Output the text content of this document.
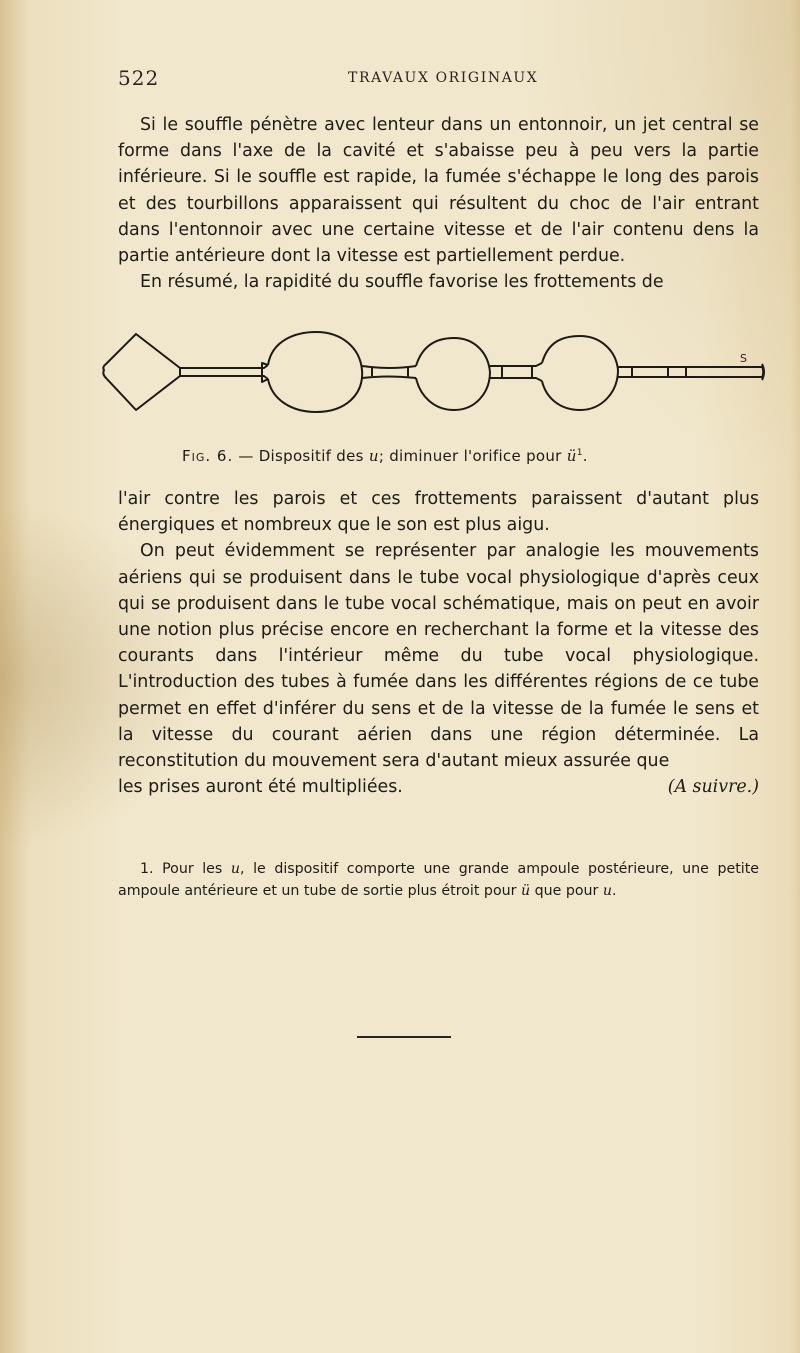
522	TRAVAUX ORIGINAUX

Si le souffle pénètre avec lenteur dans un entonnoir, un jet central se forme dans l'axe de la cavité et s'abaisse peu à peu vers la partie inférieure. Si le souffle est rapide, la fumée s'échappe le long des parois et des tourbillons apparaissent qui résultent du choc de l'air entrant dans l'entonnoir avec une certaine vitesse et de l'air contenu dens la partie antérieure dont la vitesse est partiellement perdue.

En résumé, la rapidité du souffle favorise les frottements de

S
Fig. 6. — Dispositif des u; diminuer l'orifice pour $ü^1$.

l'air contre les parois et ces frottements paraissent d'autant plus énergiques et nombreux que le son est plus aigu.

On peut évidemment se représenter par analogie les mouvements aériens qui se produisent dans le tube vocal physiologique d'après ceux qui se produisent dans le tube vocal schématique, mais on peut en avoir une notion plus précise encore en recherchant la forme et la vitesse des courants dans l'intérieur même du tube vocal physiologique. L'introduction des tubes à fumée dans les différentes régions de ce tube permet en effet d'inférer du sens et de la vitesse de la fumée le sens et la vitesse du courant aérien dans une région déterminée. La reconstitution du mouvement sera d'autant mieux assurée que

les prises auront été multipliées.	(A suivre.)

1. Pour les u, le dispositif comporte une grande ampoule postérieure, une petite ampoule antérieure et un tube de sortie plus étroit pour ü que pour u.
